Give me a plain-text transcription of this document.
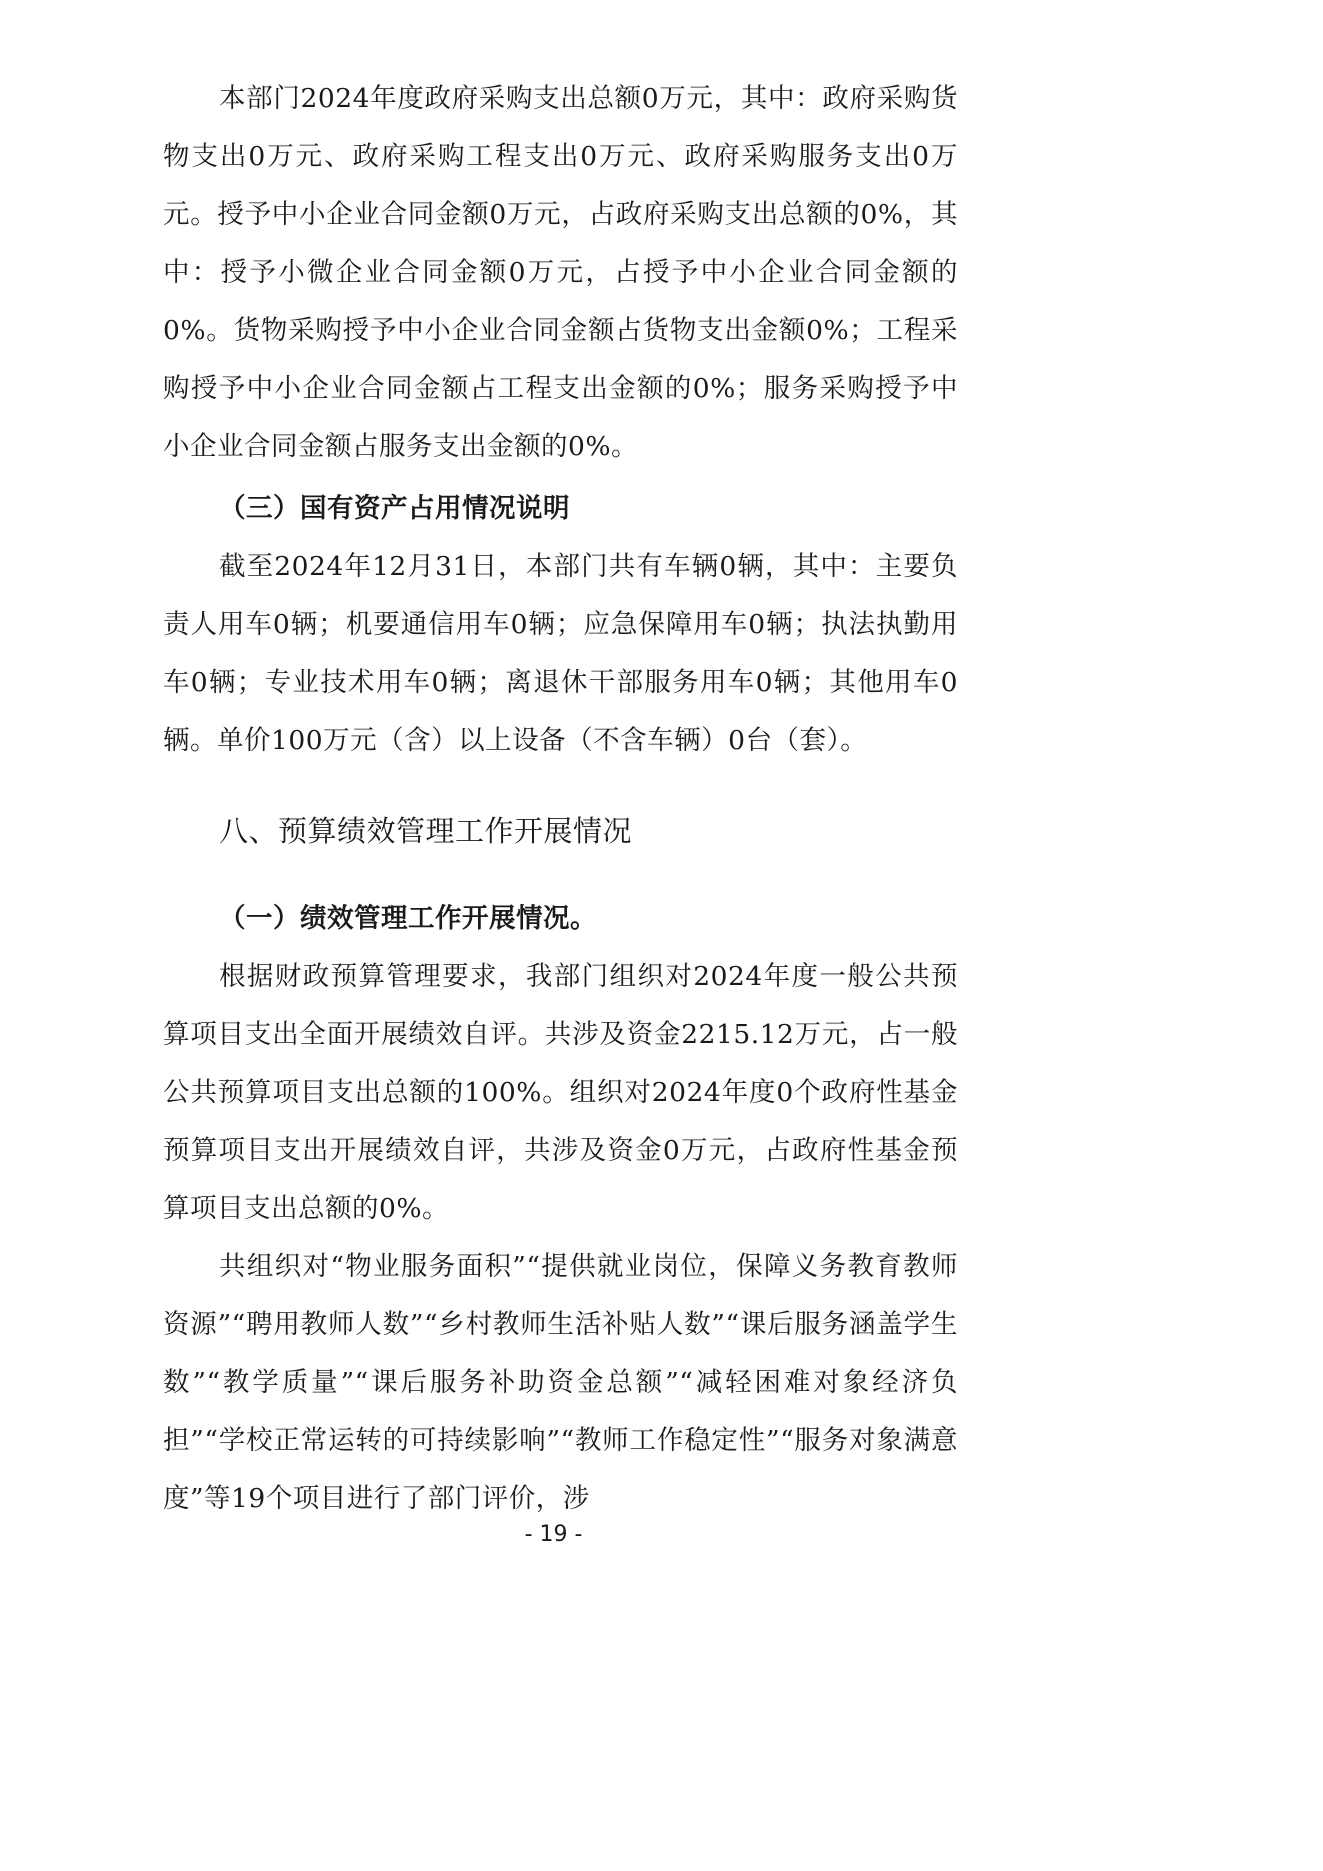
本部门2024年度政府采购支出总额0万元，其中：政府采购货物支出0万元、政府采购工程支出0万元、政府采购服务支出0万元。授予中小企业合同金额0万元，占政府采购支出总额的0%，其中：授予小微企业合同金额0万元，占授予中小企业合同金额的0%。货物采购授予中小企业合同金额占货物支出金额0%；工程采购授予中小企业合同金额占工程支出金额的0%；服务采购授予中小企业合同金额占服务支出金额的0%。

（三）国有资产占用情况说明

截至2024年12月31日，本部门共有车辆0辆，其中：主要负责人用车0辆；机要通信用车0辆；应急保障用车0辆；执法执勤用车0辆；专业技术用车0辆；离退休干部服务用车0辆；其他用车0辆。单价100万元（含）以上设备（不含车辆）0台（套）。

八、预算绩效管理工作开展情况

（一）绩效管理工作开展情况。

根据财政预算管理要求，我部门组织对2024年度一般公共预算项目支出全面开展绩效自评。共涉及资金2215.12万元，占一般公共预算项目支出总额的100%。组织对2024年度0个政府性基金预算项目支出开展绩效自评，共涉及资金0万元，占政府性基金预算项目支出总额的0%。

共组织对“物业服务面积”“提供就业岗位，保障义务教育教师资源”“聘用教师人数”“乡村教师生活补贴人数”“课后服务涵盖学生数”“教学质量”“课后服务补助资金总额”“减轻困难对象经济负担”“学校正常运转的可持续影响”“教师工作稳定性”“服务对象满意度”等19个项目进行了部门评价，涉

- 19 -
